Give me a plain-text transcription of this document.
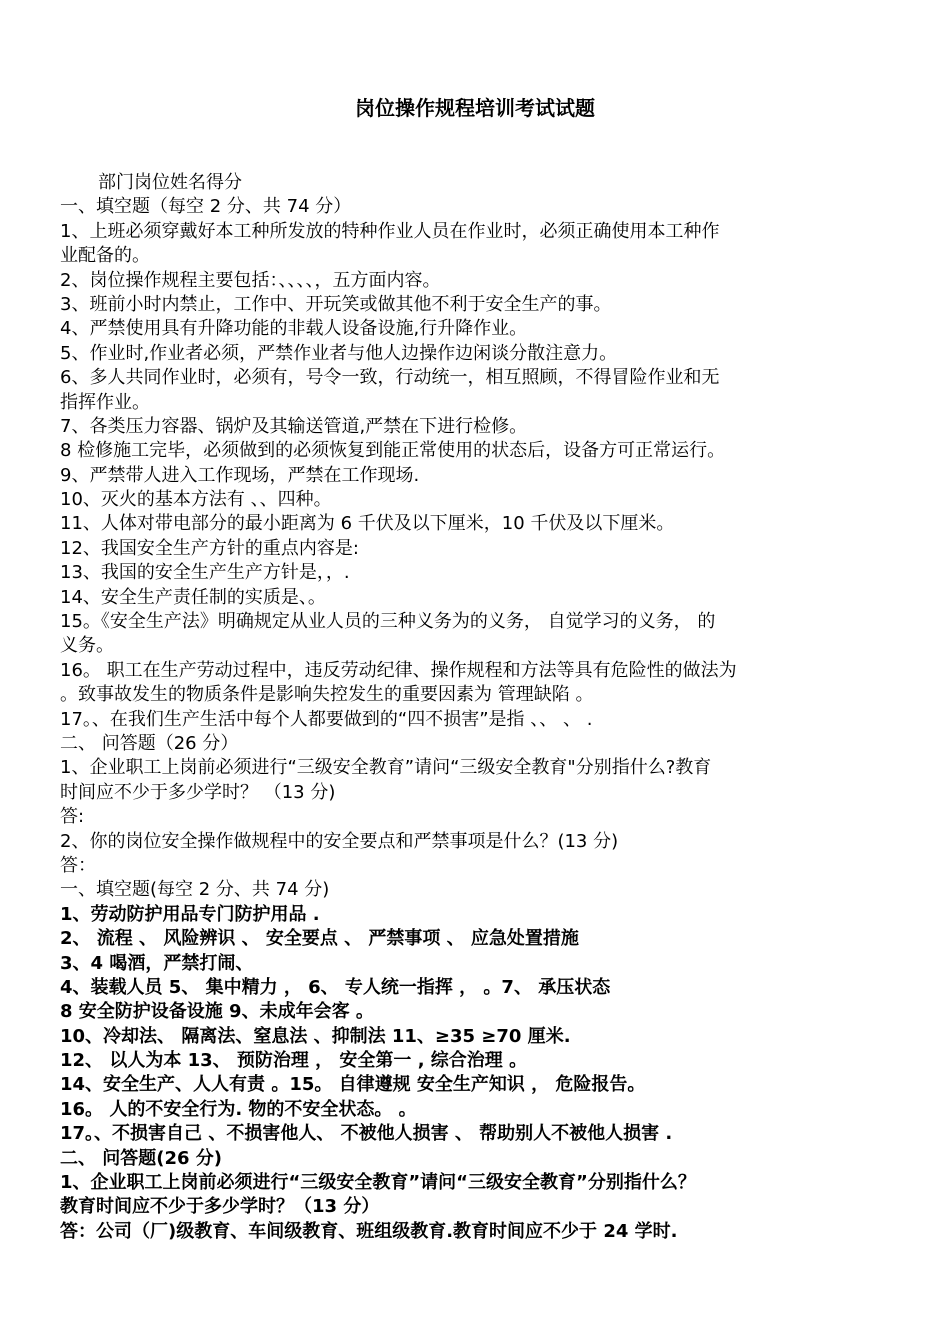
岗位操作规程培训考试试题
部门岗位姓名得分
一、填空题（每空 2 分、共 74 分）
1、上班必须穿戴好本工种所发放的特种作业人员在作业时，必须正确使用本工种作
业配备的。
2、岗位操作规程主要包括：、、、、，五方面内容。
3、班前小时内禁止，工作中、开玩笑或做其他不利于安全生产的事。
4、严禁使用具有升降功能的非载人设备设施,行升降作业。
5、作业时,作业者必须，严禁作业者与他人边操作边闲谈分散注意力。
6、多人共同作业时，必须有，号令一致，行动统一，相互照顾，不得冒险作业和无
指挥作业。
7、各类压力容器、锅炉及其输送管道,严禁在下进行检修。
8 检修施工完毕，必须做到的必须恢复到能正常使用的状态后，设备方可正常运行。
9、严禁带人进入工作现场，严禁在工作现场.
10、灭火的基本方法有 、、四种。
11、人体对带电部分的最小距离为 6 千伏及以下厘米，10 千伏及以下厘米。
12、我国安全生产方针的重点内容是:
13、我国的安全生产生产方针是，，.
14、安全生产责任制的实质是、。
15。《安全生产法》明确规定从业人员的三种义务为的义务， 自觉学习的义务， 的
义务。
16。 职工在生产劳动过程中，违反劳动纪律、操作规程和方法等具有危险性的做法为
。致事故发生的物质条件是影响失控发生的重要因素为 管理缺陷 。
17。、在我们生产生活中每个人都要做到的“四不损害”是指 、、 、 .
二、 问答题（26 分）
1、企业职工上岗前必须进行“三级安全教育”请问“三级安全教育"分别指什么?教育
时间应不少于多少学时？ （13 分)
答:
2、你的岗位安全操作做规程中的安全要点和严禁事项是什么？(13 分)
答：
一、填空题(每空 2 分、共 74 分)
1、劳动防护用品专门防护用品 .
2、 流程 、 风险辨识 、 安全要点 、 严禁事项 、 应急处置措施
3、4 喝酒，严禁打闹、
4、装载人员 5、 集中精力 ， 6、 专人统一指挥 ， 。7、 承压状态
8 安全防护设备设施 9、未成年会客 。
10、冷却法、 隔离法、窒息法 、抑制法 11、≥35 ≥70 厘米.
12、 以人为本 13、 预防治理 ， 安全第一 , 综合治理 。
14、安全生产、人人有责 。15。 自律遵规 安全生产知识 ， 危险报告。
16。 人的不安全行为. 物的不安全状态。 。
17。、不损害自己 、不损害他人、 不被他人损害 、 帮助别人不被他人损害 .
二、 问答题(26 分)
1、企业职工上岗前必须进行“三级安全教育”请问“三级安全教育”分别指什么？
教育时间应不少于多少学时？（13 分）
答：公司（厂)级教育、车间级教育、班组级教育.教育时间应不少于 24 学时.
